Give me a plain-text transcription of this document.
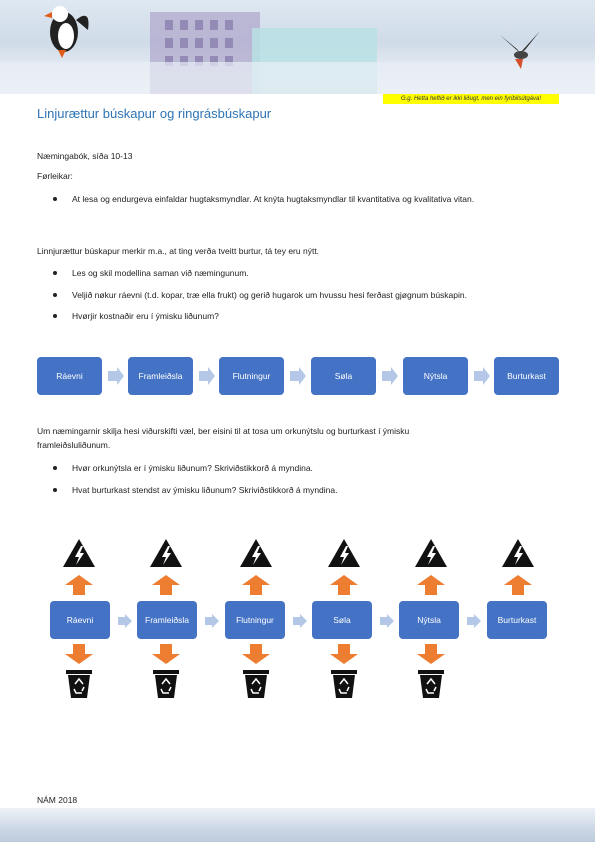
G.g. Hetta heftið er ikki liðugt, men ein fyribilsútgáva!
Linjurættur búskapur og ringrásbúskapur
Næmingabók, síða 10-13
Førleikar:
At lesa og endurgeva einfaldar hugtaksmyndlar. At knýta hugtaksmyndlar til kvantitativa og kvalitativa vitan.
Linnjurættur búskapur merkir m.a., at ting verða tveitt burtur, tá tey eru nýtt.
Les og skil modellina saman við næmingunum.
Veljið nøkur ráevni (t.d. kopar, træ ella frukt) og gerið hugarok um hvussu hesi ferðast gjøgnum búskapin.
Hvørjir kostnaðir eru í ýmisku liðunum?
Ráevni	Framleiðsla	Flutningur	Søla	Nýtsla	Burturkast
Um næmingarnir skilja hesi viðurskifti væl, ber eisini til at tosa um orkunýtslu og burturkast í ýmisku
framleiðsluliðunum.
Hvør orkunýtsla er í ýmisku liðunum? Skriviðstikkorð á myndina.
Hvat burturkast stendst av ýmisku liðunum? Skriviðstikkorð á myndina.
Ráevni	Framleiðsla	Flutningur	Søla	Nýtsla	Burturkast
NÁM 2018
